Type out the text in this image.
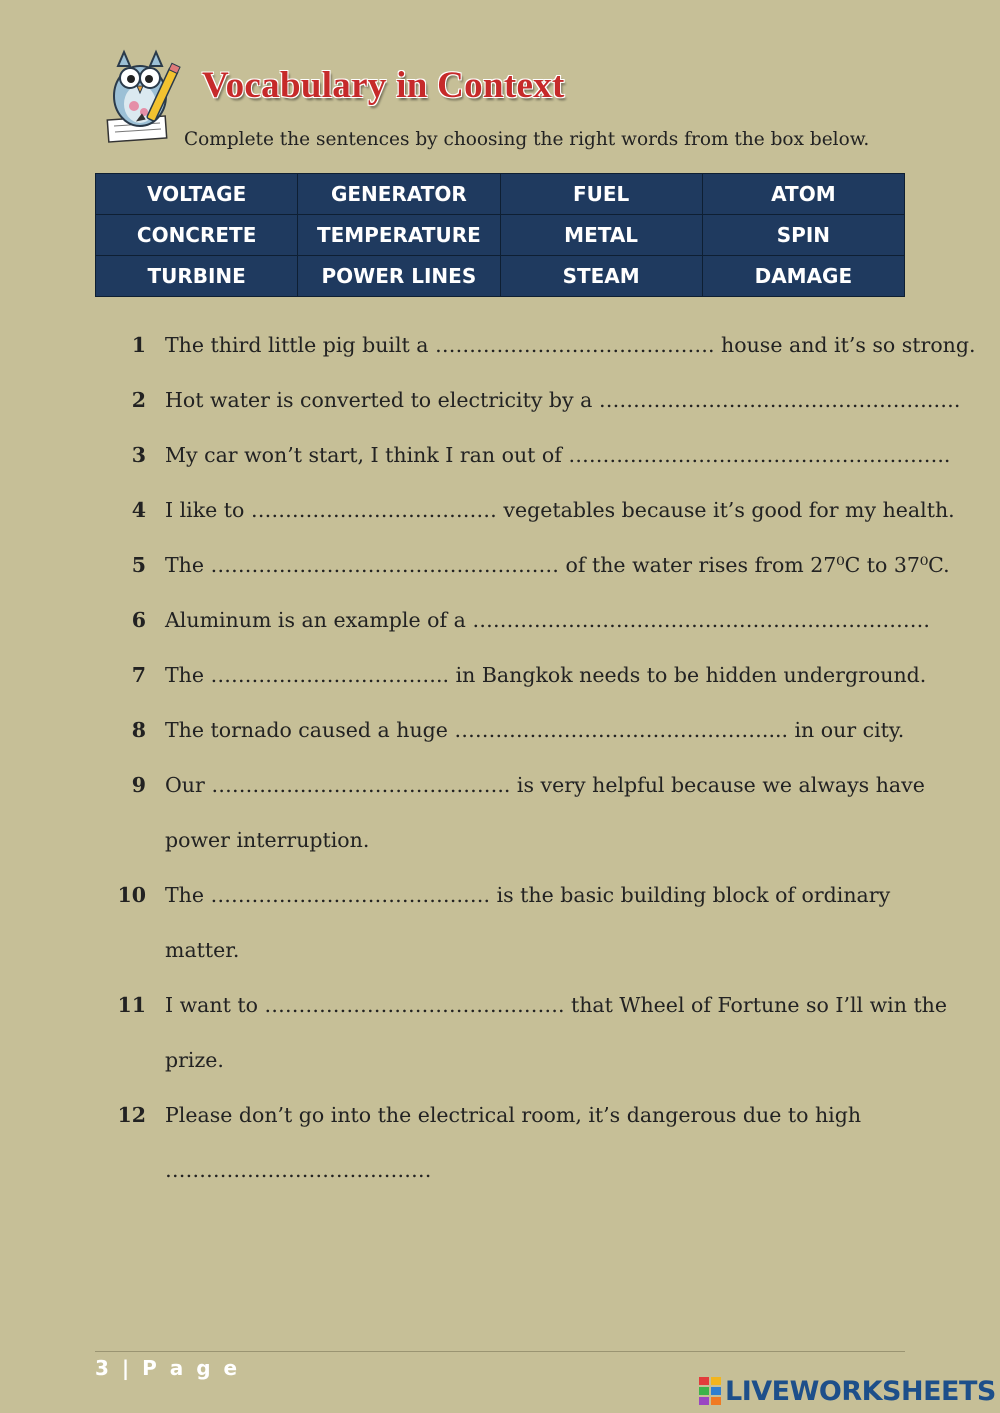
Vocabulary in Context
Complete the sentences by choosing the right words from the box below.
VOLTAGE	GENERATOR	FUEL	ATOM
CONCRETE	TEMPERATURE	METAL	SPIN
TURBINE	POWER LINES	STEAM	DAMAGE
1 The third little pig built a ………………….………………. house and it’s so strong.
2 Hot water is converted to electricity by a ………………………………………….….
3 My car won’t start, I think I ran out of ………………………………………………..
4 I like to ……………………………… vegetables because it’s good for my health.
5 The …………………………………………… of the water rises from 27⁰C to 37⁰C.
6 Aluminum is an example of a ………………………………………………………….
7 The …………………………….. in Bangkok needs to be hidden underground.
8 The tornado caused a huge ……………………………………….... in our city.
9 Our ……….….………………….…….. is very helpful because we always have
power interruption.
10 The ……………………………….…. is the basic building block of ordinary
matter.
11 I want to ……………………………….……. that Wheel of Fortune so I’ll win the
prize.
12 Please don’t go into the electrical room, it’s dangerous due to high
…………………………………
3 | P a g e
LIVEWORKSHEETS
